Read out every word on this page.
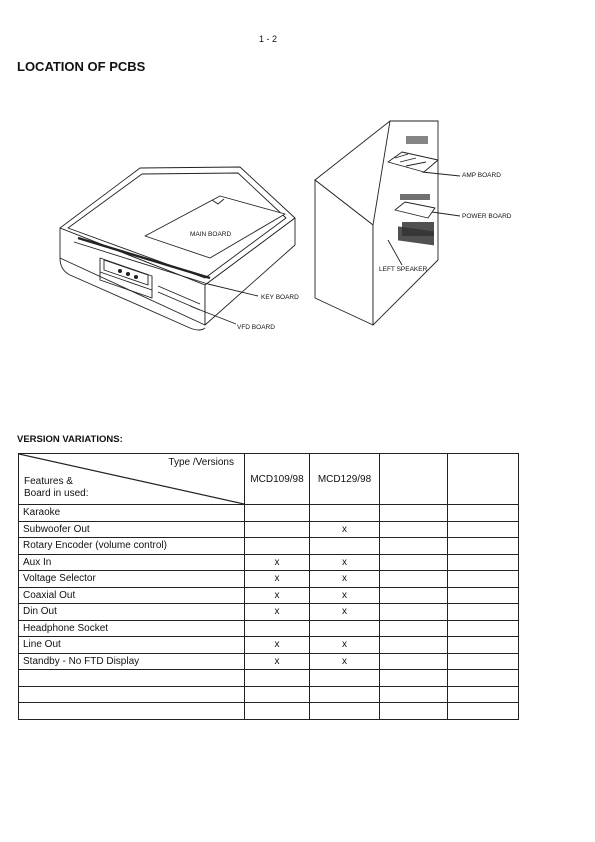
1 - 2
LOCATION OF PCBS
MAIN BOARD
KEY BOARD
VFD BOARD
AMP BOARD
POWER BOARD
LEFT SPEAKER
VERSION VARIATIONS:
Type /Versions
Features &
Board in used:	MCD109/98	MCD129/98		
Karaoke				
Subwoofer Out		x		
Rotary Encoder (volume control)				
Aux In	x	x		
Voltage Selector	x	x		
Coaxial Out	x	x		
Din Out	x	x		
Headphone Socket				
Line Out	x	x		
Standby - No FTD Display	x	x		
